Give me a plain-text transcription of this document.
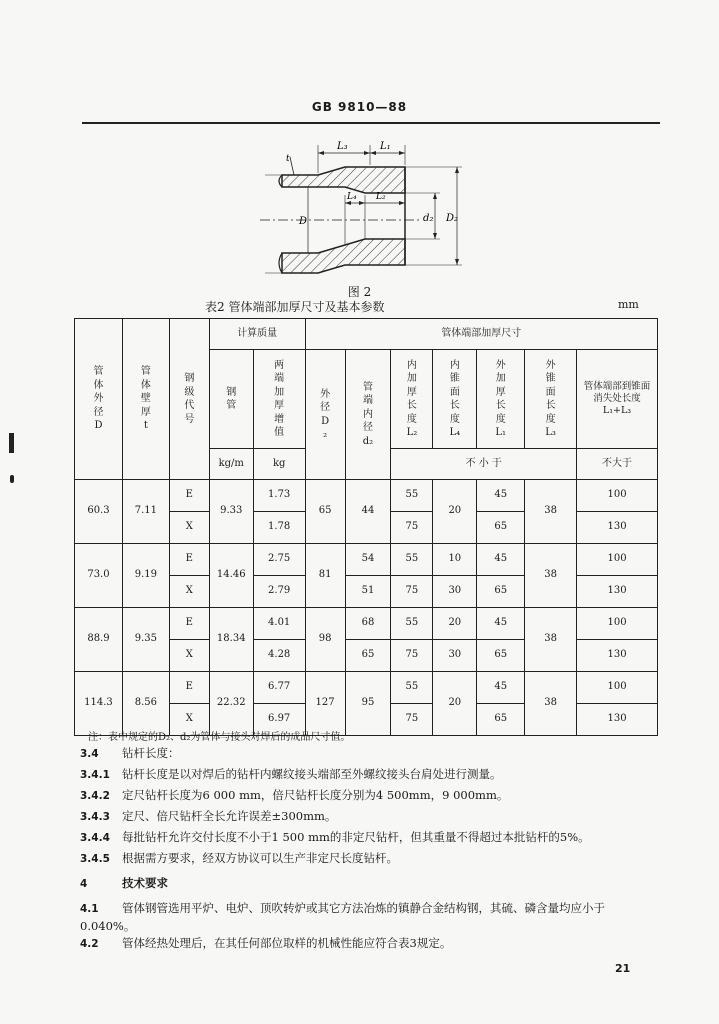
GB 9810—88
L₃	L₁
t
L₄ L₂
D	d₂ D₂
图 2
表2 管体端部加厚尺寸及基本参数	mm
管体外径D	管体壁厚t	钢级代号	计算质量		管体端部加厚尺寸						
			钢管	两端加厚增值	外径D₂	管端内径d₂	内加厚长度L₂	内锥面长度L₄	外加厚长度L₁	外锥面长度L₃	管体端部到锥面消失处长度L₁+L₃
			kg/m	kg			不 小 于				不大于
60.3	7.11	E	9.33	1.73	65	44	55	20	45	38	100
		X		1.78			75		65		130
73.0	9.19	E	14.46	2.75	81	54	55	10	45	38	100
		X		2.79		51	75	30	65		130
88.9	9.35	E	18.34	4.01	98	68	55	20	45	38	100
		X		4.28		65	75	30	65		130
114.3	8.56	E	22.32	6.77	127	95	55	20	45	38	100
		X		6.97			75		65		130
注：表中规定的D₂、d₂为管体与接头对焊后的成品尺寸值。
3.4 钻杆长度：
3.4.1 钻杆长度是以对焊后的钻杆内螺纹接头端部至外螺纹接头台肩处进行测量。
3.4.2 定尺钻杆长度为6 000 mm，倍尺钻杆长度分别为4 500mm，9 000mm。
3.4.3 定尺、倍尺钻杆全长允许误差±300mm。
3.4.4 每批钻杆允许交付长度不小于1 500 mm的非定尺钻杆，但其重量不得超过本批钻杆的5%。
3.4.5 根据需方要求，经双方协议可以生产非定尺长度钻杆。
4	技术要求
4.1 管体钢管选用平炉、电炉、顶吹转炉或其它方法冶炼的镇静合金结构钢，其硫、磷含量均应小于
0.040%。
4.2 管体经热处理后，在其任何部位取样的机械性能应符合表3规定。
21
